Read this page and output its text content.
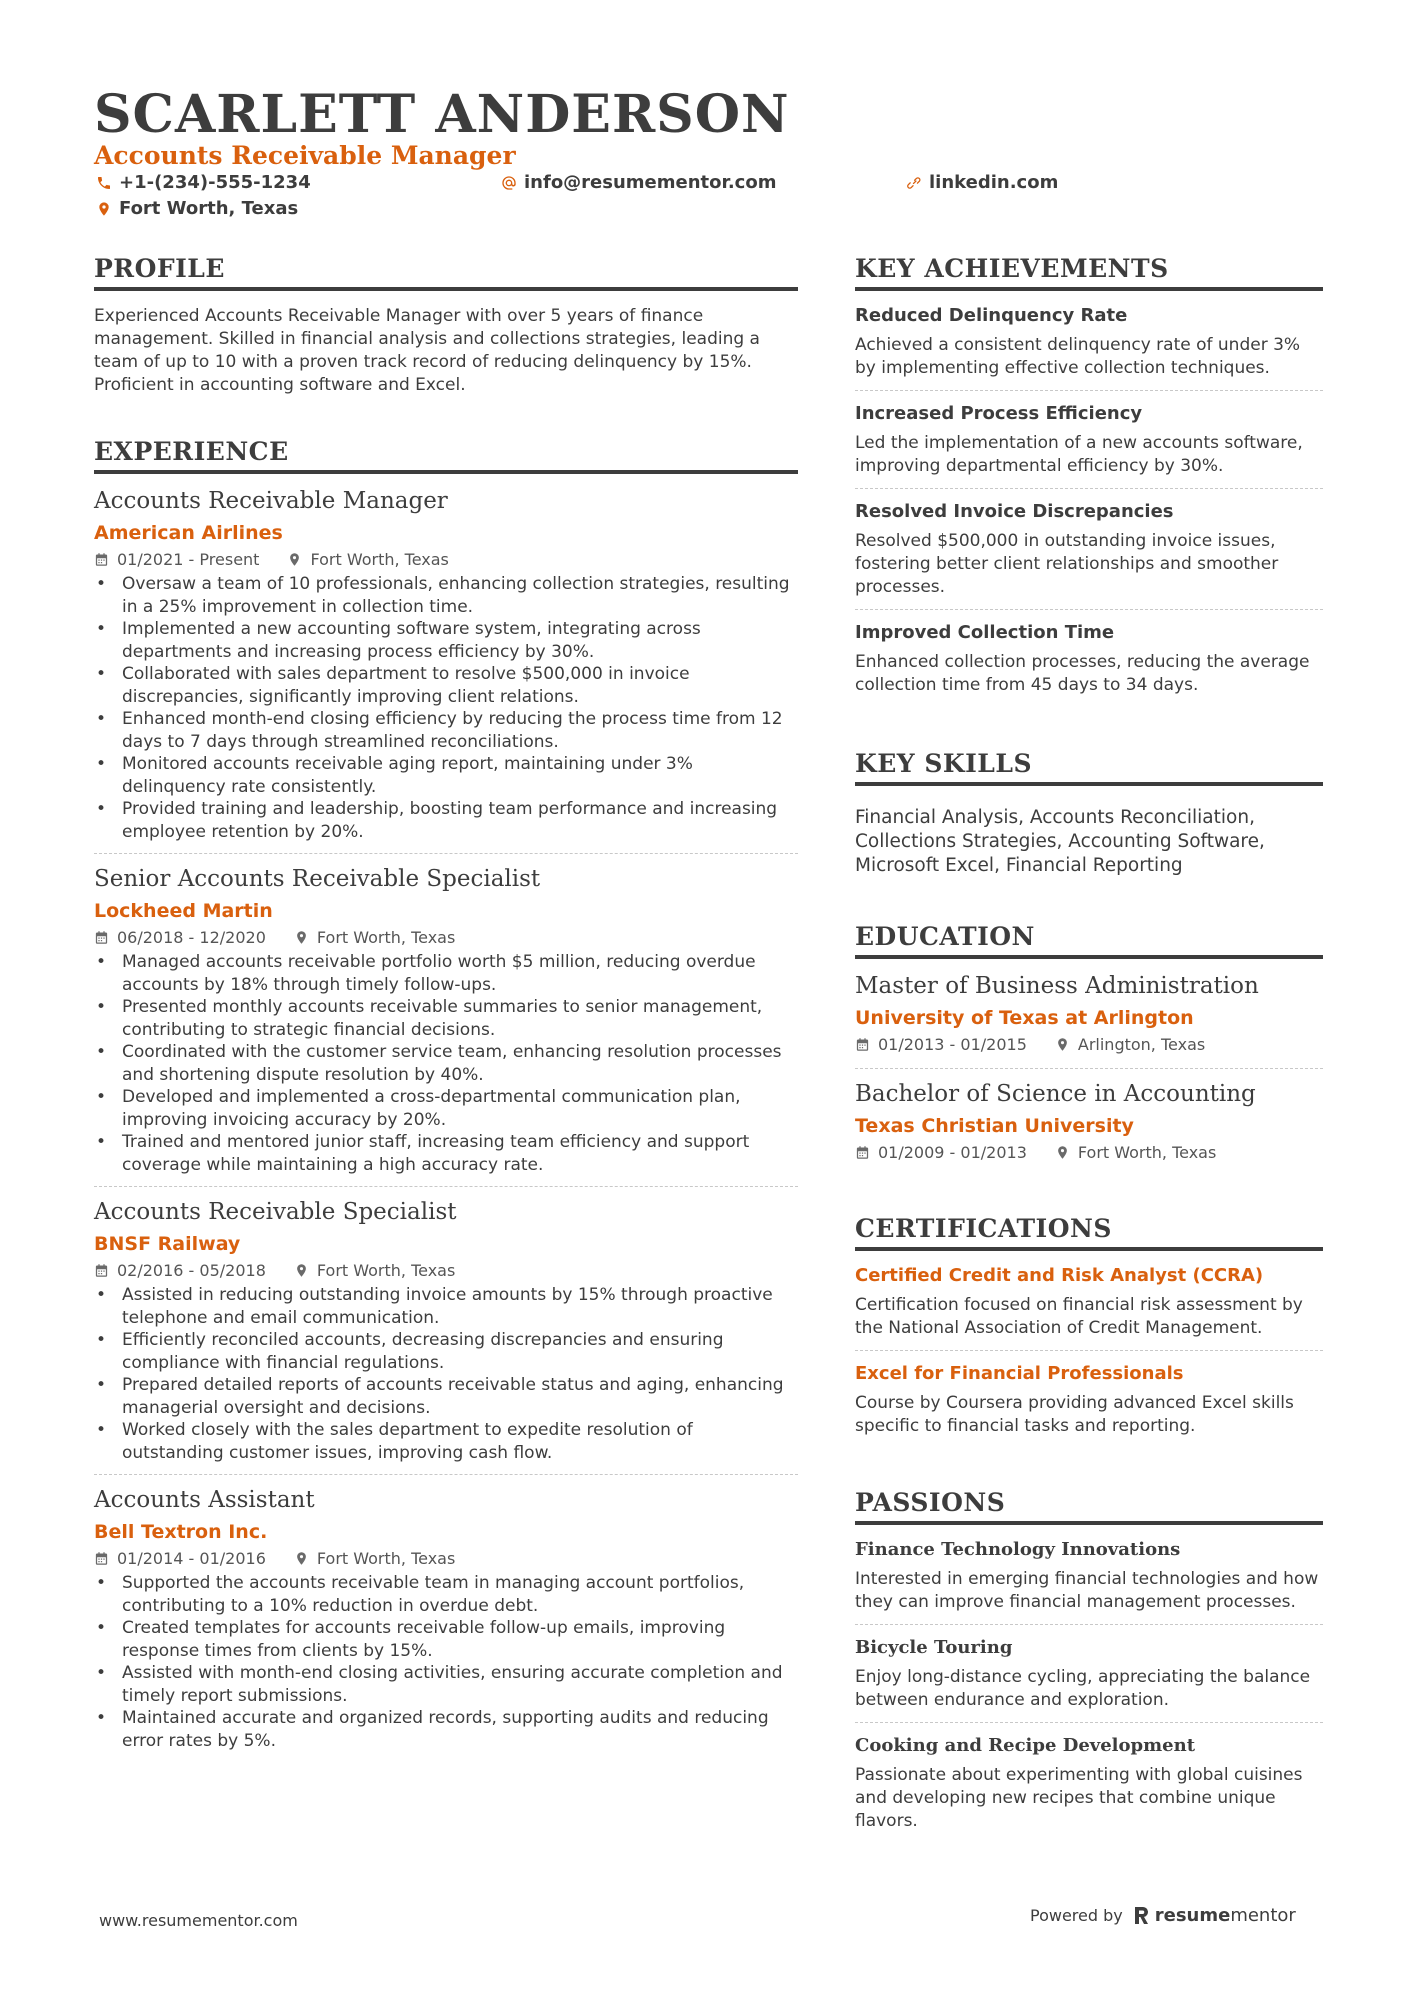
SCARLETT ANDERSON
Accounts Receivable Manager
+1-(234)-555-1234	info@resumementor.com	linkedin.com
Fort Worth, Texas
PROFILE

Experienced Accounts Receivable Manager with over 5 years of finance management. Skilled in financial analysis and collections strategies, leading a team of up to 10 with a proven track record of reducing delinquency by 15%. Proficient in accounting software and Excel.

EXPERIENCE
Accounts Receivable Manager
American Airlines
01/2021 - Present	Fort Worth, Texas
• Oversaw a team of 10 professionals, enhancing collection strategies, resulting in a 25% improvement in collection time.
• Implemented a new accounting software system, integrating across departments and increasing process efficiency by 30%.
• Collaborated with sales department to resolve $500,000 in invoice discrepancies, significantly improving client relations.
• Enhanced month-end closing efficiency by reducing the process time from 12 days to 7 days through streamlined reconciliations.
• Monitored accounts receivable aging report, maintaining under 3% delinquency rate consistently.
• Provided training and leadership, boosting team performance and increasing employee retention by 20%.
Senior Accounts Receivable Specialist
Lockheed Martin
06/2018 - 12/2020	Fort Worth, Texas
• Managed accounts receivable portfolio worth $5 million, reducing overdue accounts by 18% through timely follow-ups.
• Presented monthly accounts receivable summaries to senior management, contributing to strategic financial decisions.
• Coordinated with the customer service team, enhancing resolution processes and shortening dispute resolution by 40%.
• Developed and implemented a cross-departmental communication plan, improving invoicing accuracy by 20%.
• Trained and mentored junior staff, increasing team efficiency and support coverage while maintaining a high accuracy rate.
Accounts Receivable Specialist
BNSF Railway
02/2016 - 05/2018	Fort Worth, Texas
• Assisted in reducing outstanding invoice amounts by 15% through proactive telephone and email communication.
• Efficiently reconciled accounts, decreasing discrepancies and ensuring compliance with financial regulations.
• Prepared detailed reports of accounts receivable status and aging, enhancing managerial oversight and decisions.
• Worked closely with the sales department to expedite resolution of outstanding customer issues, improving cash flow.
Accounts Assistant
Bell Textron Inc.
01/2014 - 01/2016	Fort Worth, Texas
• Supported the accounts receivable team in managing account portfolios, contributing to a 10% reduction in overdue debt.
• Created templates for accounts receivable follow-up emails, improving response times from clients by 15%.
• Assisted with month-end closing activities, ensuring accurate completion and timely report submissions.
• Maintained accurate and organized records, supporting audits and reducing error rates by 5%.
KEY ACHIEVEMENTS
Reduced Delinquency Rate

Achieved a consistent delinquency rate of under 3% by implementing effective collection techniques.

Increased Process Efficiency

Led the implementation of a new accounts software, improving departmental efficiency by 30%.

Resolved Invoice Discrepancies

Resolved $500,000 in outstanding invoice issues, fostering better client relationships and smoother processes.

Improved Collection Time

Enhanced collection processes, reducing the average collection time from 45 days to 34 days.

KEY SKILLS

Financial Analysis, Accounts Reconciliation, Collections Strategies, Accounting Software, Microsoft Excel, Financial Reporting

EDUCATION
Master of Business Administration
University of Texas at Arlington
01/2013 - 01/2015	Arlington, Texas
Bachelor of Science in Accounting
Texas Christian University
01/2009 - 01/2013	Fort Worth, Texas
CERTIFICATIONS
Certified Credit and Risk Analyst (CCRA)

Certification focused on financial risk assessment by the National Association of Credit Management.

Excel for Financial Professionals

Course by Coursera providing advanced Excel skills specific to financial tasks and reporting.

PASSIONS
Finance Technology Innovations

Interested in emerging financial technologies and how they can improve financial management processes.

Bicycle Touring

Enjoy long-distance cycling, appreciating the balance between endurance and exploration.

Cooking and Recipe Development

Passionate about experimenting with global cuisines and developing new recipes that combine unique flavors.

www.resumementor.com	Powered by resumementor
